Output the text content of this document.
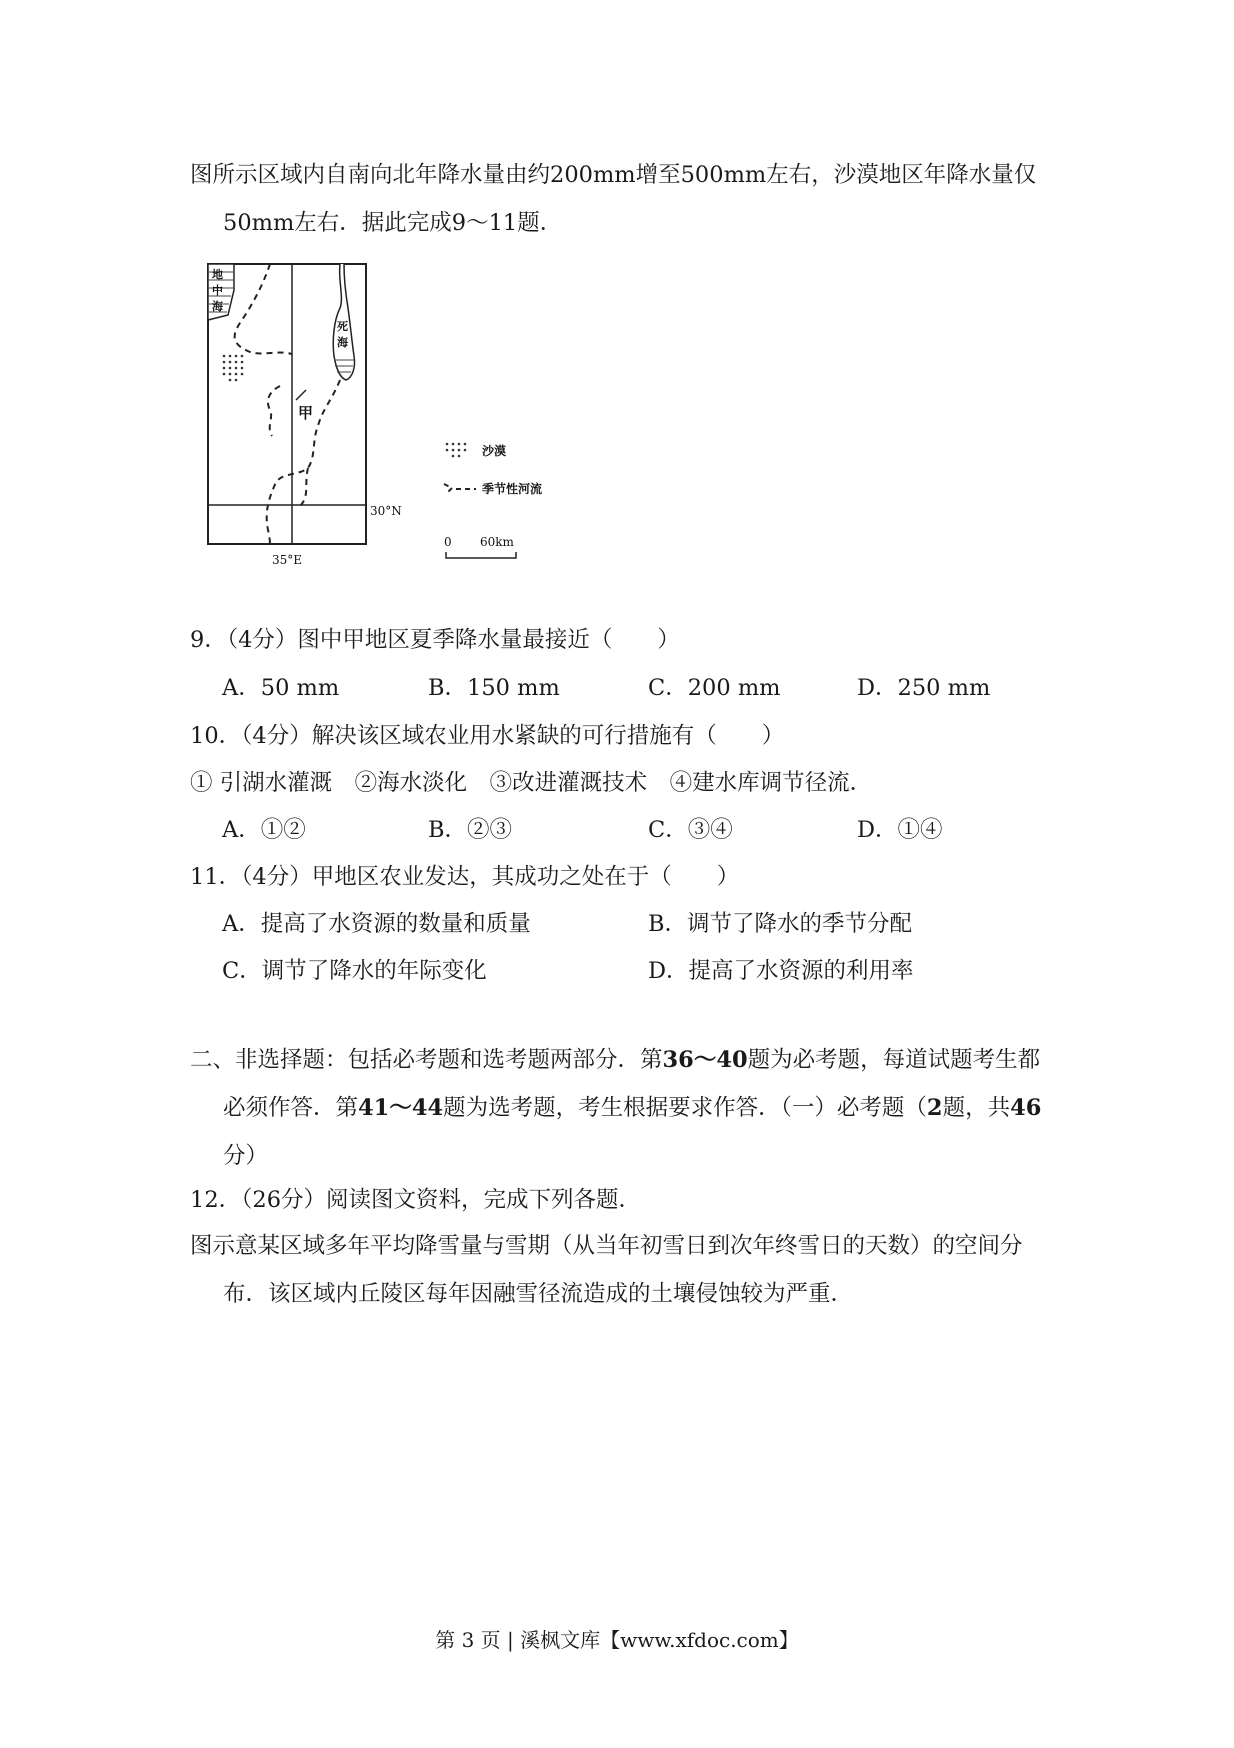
图所示区域内自南向北年降水量由约200mm增至500mm左右，沙漠地区年降水量仅50mm左右．据此完成9～11题．

地
中
海
死
海
甲
30°N
35°E
沙漠
季节性河流
0 60km
9．（4分）图中甲地区夏季降水量最接近（　　）
A．50 mm	B．150 mm	C．200 mm	D．250 mm
10．（4分）解决该区域农业用水紧缺的可行措施有（　　）
① 引湖水灌溉　②海水淡化　③改进灌溉技术　④建水库调节径流．
A．①②	B．②③	C．③④	D．①④
11．（4分）甲地区农业发达，其成功之处在于（　　）
A．提高了水资源的数量和质量	B．调节了降水的季节分配
C．调节了降水的年际变化	D．提高了水资源的利用率

二、非选择题：包括必考题和选考题两部分．第36～40题为必考题，每道试题考生都必须作答．第41～44题为选考题，考生根据要求作答．（一）必考题（2题，共46分）

12．（26分）阅读图文资料，完成下列各题．

图示意某区域多年平均降雪量与雪期（从当年初雪日到次年终雪日的天数）的空间分布．该区域内丘陵区每年因融雪径流造成的土壤侵蚀较为严重．

第 3 页 | 溪枫文库【www.xfdoc.com】
